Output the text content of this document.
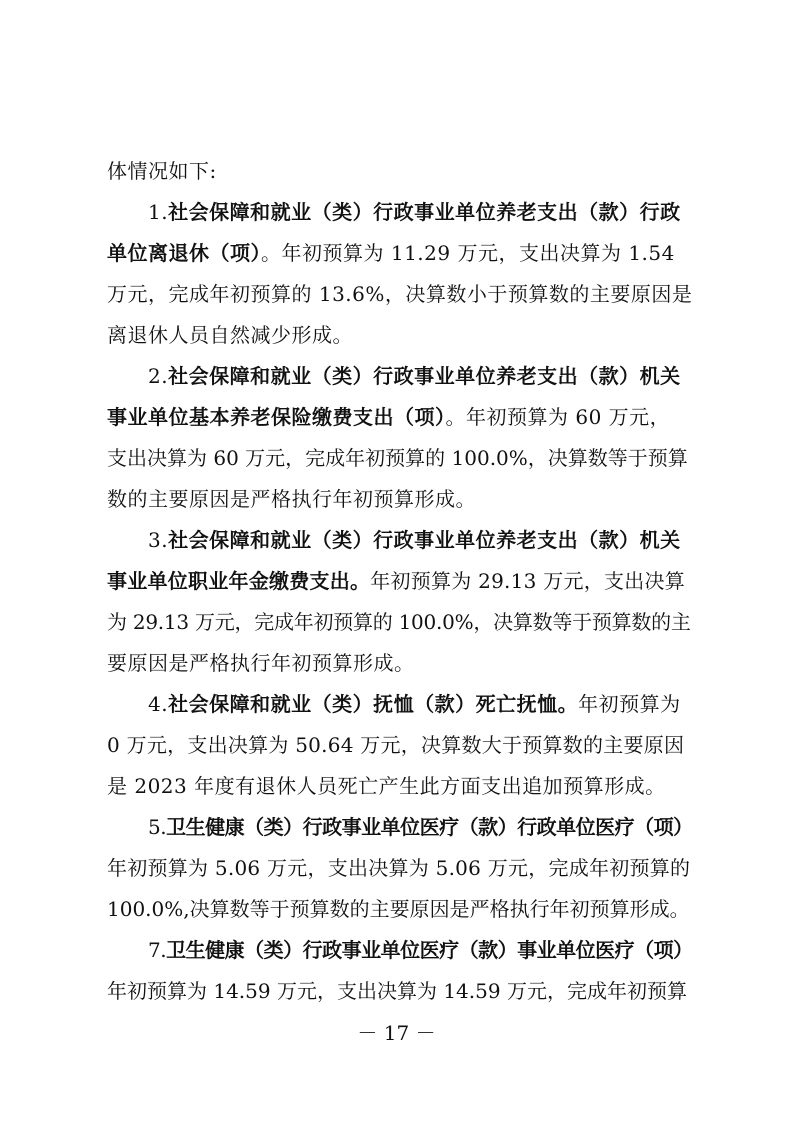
体情况如下:
1.社会保障和就业（类）行政事业单位养老支出（款）行政
单位离退休（项）。年初预算为 11.29 万元，支出决算为 1.54
万元，完成年初预算的 13.6%，决算数小于预算数的主要原因是
离退休人员自然减少形成。
2.社会保障和就业（类）行政事业单位养老支出（款）机关
事业单位基本养老保险缴费支出（项）。年初预算为 60 万元，
支出决算为 60 万元，完成年初预算的 100.0%，决算数等于预算
数的主要原因是严格执行年初预算形成。
3.社会保障和就业（类）行政事业单位养老支出（款）机关
事业单位职业年金缴费支出。年初预算为 29.13 万元，支出决算
为 29.13 万元，完成年初预算的 100.0%，决算数等于预算数的主
要原因是严格执行年初预算形成。
4.社会保障和就业（类）抚恤（款）死亡抚恤。年初预算为
0 万元，支出决算为 50.64 万元，决算数大于预算数的主要原因
是 2023 年度有退休人员死亡产生此方面支出追加预算形成。
5.卫生健康（类）行政事业单位医疗（款）行政单位医疗（项）
年初预算为 5.06 万元，支出决算为 5.06 万元，完成年初预算的
100.0%,决算数等于预算数的主要原因是严格执行年初预算形成。
7.卫生健康（类）行政事业单位医疗（款）事业单位医疗（项）
年初预算为 14.59 万元，支出决算为 14.59 万元，完成年初预算
－ 17 －
